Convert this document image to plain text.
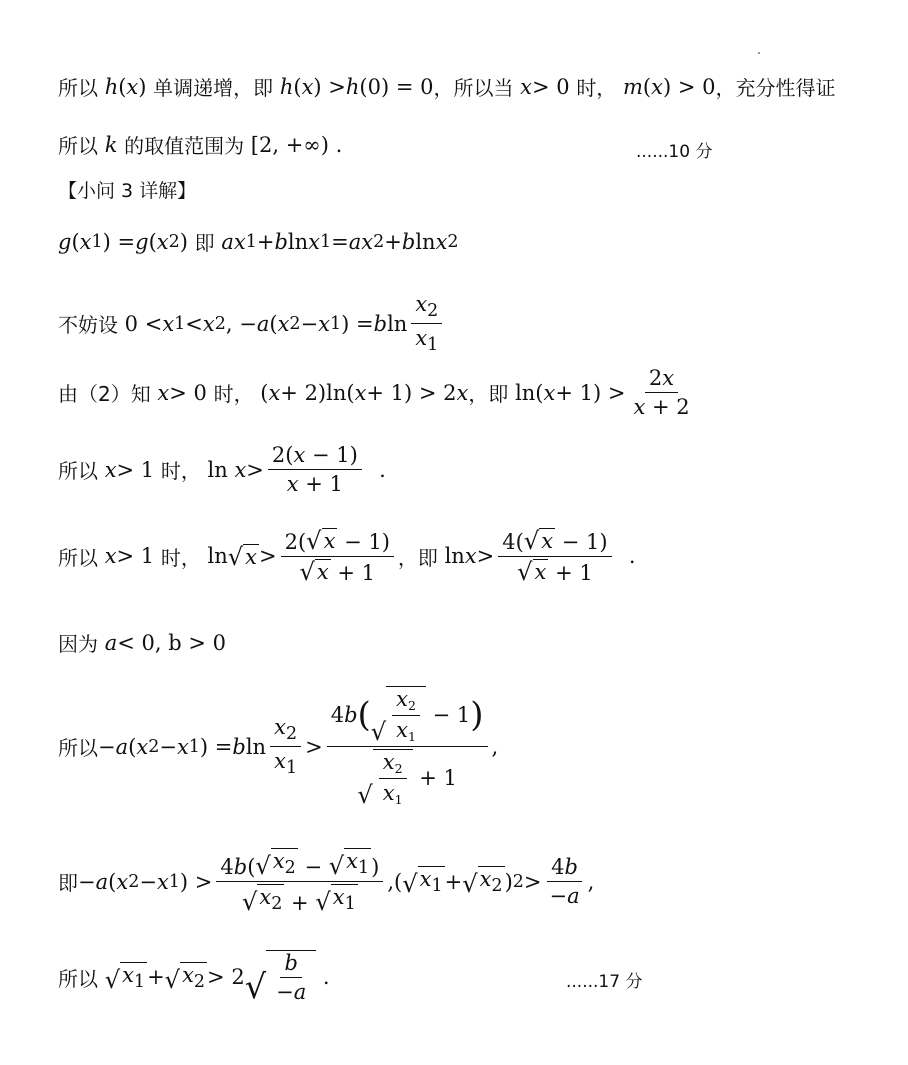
所以
h ( x ) 单调递增，即
h ( x ) > h (0) = 0 ，所以当
x > 0 时，
m ( x ) > 0 ，充分性得证
所以
k
的取值范围为 [2, +∞) .	......10 分
【小问 3 详解】
g ( x 1 ) = g ( x 2 ) 即
ax 1 + b ln x 1 = ax 2 + b ln x 2
不妨设 0 < x 1 < x 2 , − a ( x 2 − x 1 ) = b $\ln \frac{x_2}{x_1}$
由（2）知
x > 0 时， ( x + 2)ln( x + 1) > 2 x ，即 ln( $x + 1) > \frac{2x}{x + 2}$
所以
x > 1 时， $\ln x > \frac{2(x - 1)}{x + 1}$ .
所以
x > 1 时， ln √ $x > \frac{2( √ x - 1)}{√ x + 1}$ ，即 $\ln x > \frac{4( √ x - 1)}{√ x + 1}$ .
因为
a < 0, b > 0
所以 − a ( x 2 − x 1 ) = b $\ln \frac{x_2}{x_1} > \frac{4 b ( √ \frac{x_2}{x_1} - 1 )}{√ \frac{x_2}{x_1} + 1}$ ,
即 − a ( x 2 − x 1 ) > $\frac{4b( √ x_2 - √ x_1 )}{√ x_2 + √ x_1}$ ,( √ $x_1$ + √ $x_2$ ) $2 > \frac{4b}{-a}$ ,
所以
√ $x_1$ + √ $x_2 > 2$ √ $\frac{b}{-a}$ .	......17 分
